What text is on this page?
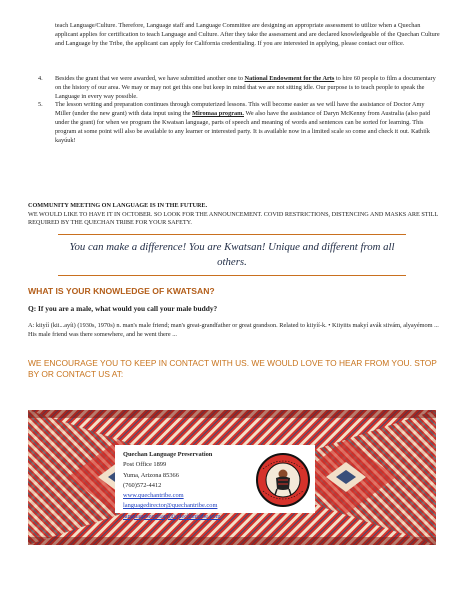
teach Language/Culture. Therefore, Language staff and Language Committee are designing an appropriate assessment to utilize when a Quechan applicant applies for certification to teach Language and Culture. After they take the assessment and are declared knowledgeable of the Quechan Culture and Language by the Tribe, the applicant can apply for California credentialing. If you are interested in applying, please contact our office.
4.	Besides the grant that we were awarded, we have submitted another one to National Endowment for the Arts to hire 60 people to film a documentary on the history of our area. We may or may not get this one but keep in mind that we are not sitting idle. Our purpose is to teach people to speak the Language in every way possible.
5.	The lesson writing and preparation continues through computerized lessons. This will become easier as we will have the assistance of Doctor Amy Miller (under the new grant) with data input using the Miromaa program. We also have the assistance of Daryn McKenny from Australia (also paid under the grant) for when we program the Kwatsan language, parts of speech and meaning of words and sentences can be sorted for learning. This program at some point will also be available to any learner or interested party. It is available now in a limited scale so come and check it out. Kathiík kayúuk!
COMMUNITY MEETING ON LANGUAGE IS IN THE FUTURE.
WE WOULD LIKE TO HAVE IT IN OCTOBER. SO LOOK FOR THE ANNOUNCEMENT. COVID RESTRICTIONS, DISTENCING AND MASKS ARE STILL REQUIRED BY THE QUECHAN TRIBE FOR YOUR SAFETY.
You can make a difference! You are Kwatsan! Unique and different from all others.
WHAT IS YOUR KNOWLEDGE OF KWATSAN?
Q: If you are a male, what would you call your male buddy?
A: kiiyíí (kii...ayíi) (1930s, 1970s) n. man's male friend; man's great-grandfather or great grandson. Related to kiiyíí-k. • Kiiyiits makyí avák siivám, alyayémom ... His male friend was there somewhere, and he went there ...
WE ENCOURAGE YOU TO KEEP IN CONTACT WITH US. WE WOULD LOVE TO HEAR FROM YOU. STOP BY OR CONTACT US AT:
Quechan Language Preservation
Post Office 1899
Yuma, Arizona 85366
(760)572-4412
www.quechantribe.com
languagedirector@quechantribe.com
languagesecretary@quechantribe.com
